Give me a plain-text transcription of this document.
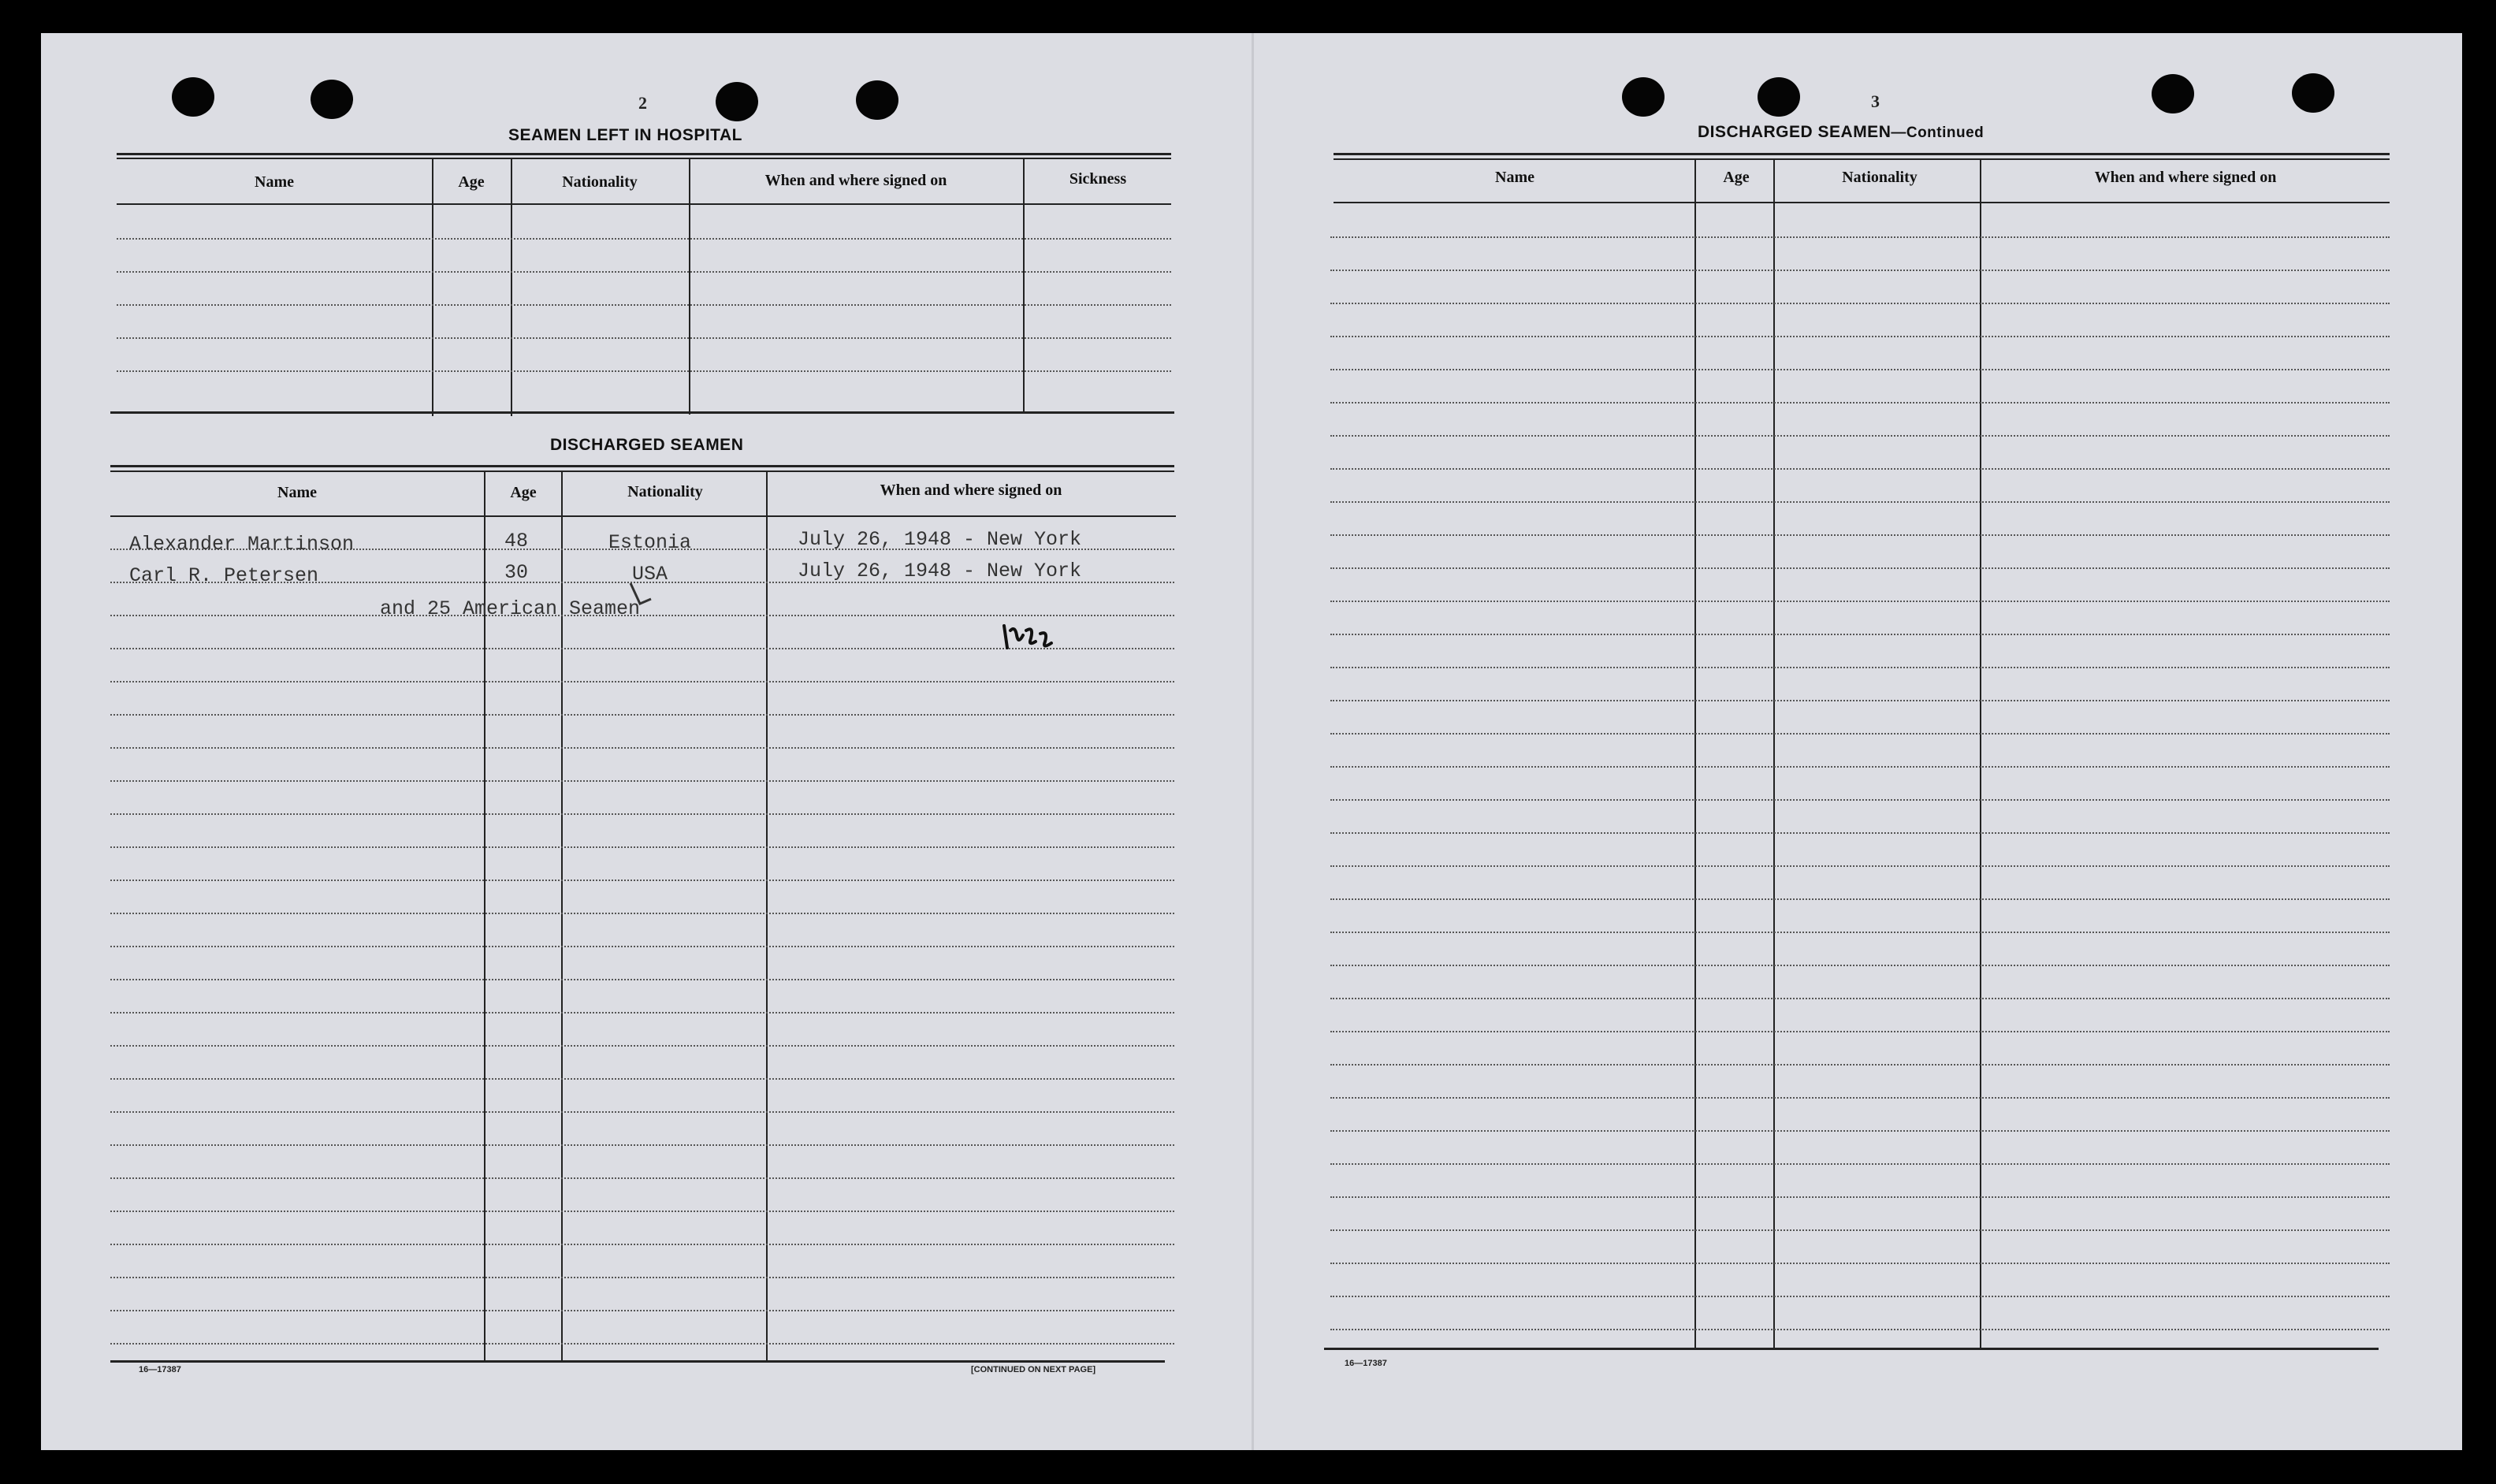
2
SEAMEN LEFT IN HOSPITAL
Name	Age	Nationality	When and where signed on	Sickness
DISCHARGED SEAMEN
Name	Age	Nationality	When and where signed on
Alexander Martinson	48	Estonia	July 26, 1948 - New York
Carl R. Petersen	30	USA	July 26, 1948 - New York
and 25 American Seamen
16—17387	[CONTINUED ON NEXT PAGE]
3
DISCHARGED SEAMEN—Continued
Name	Age	Nationality	When and where signed on
16—17387
